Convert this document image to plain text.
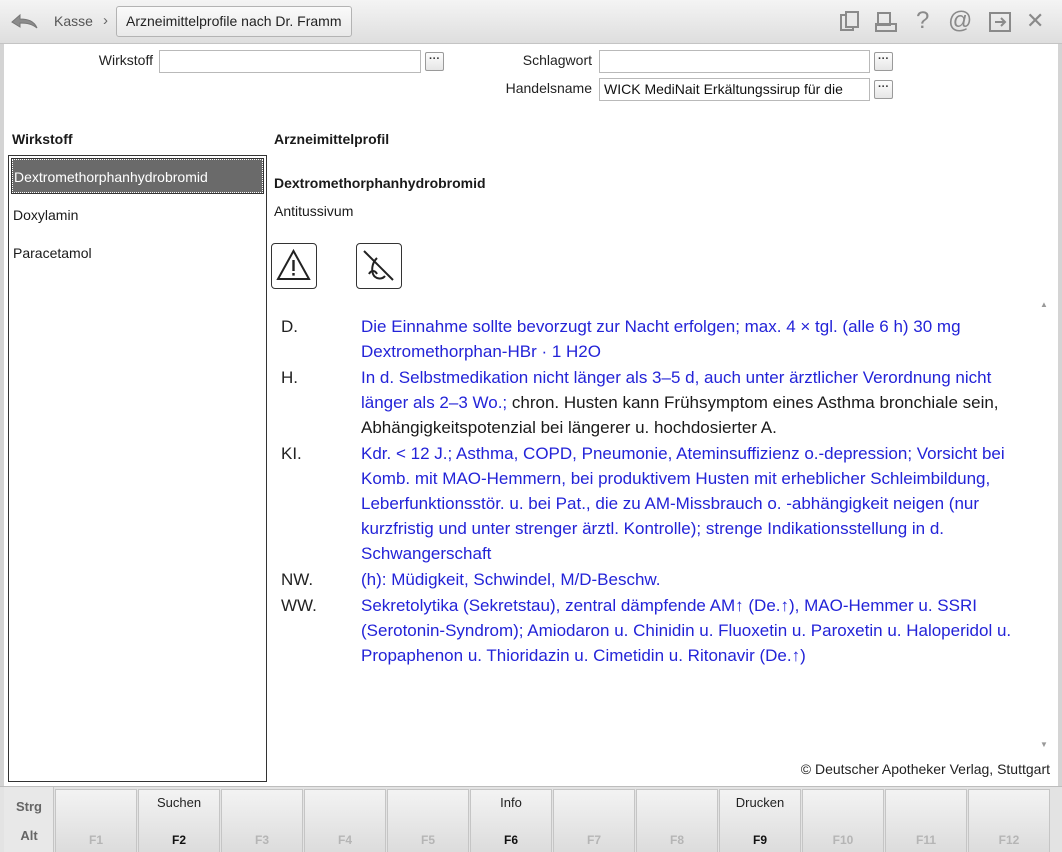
Kasse ›	Arzneimittelprofile nach Dr. Framm	? @ ✕
Wirkstoff	···	Schlagwort	···
Handelsname WICK MediNait Erkältungssirup für die	···
Wirkstoff
Dextromethorphanhydrobromid
Doxylamin
Paracetamol
Arzneimittelprofil
Dextromethorphanhydrobromid
Antitussivum
D.	Die Einnahme sollte bevorzugt zur Nacht erfolgen; max. 4 × tgl. (alle 6 h) 30 mg Dextromethorphan-HBr · 1 H2O
H.	In d. Selbstmedikation nicht länger als 3–5 d, auch unter ärztlicher Verordnung nicht länger als 2–3 Wo.; chron. Husten kann Frühsymptom eines Asthma bronchiale sein, Abhängigkeitspotenzial bei längerer u. hochdosierter A.
KI.	Kdr. < 12 J.; Asthma, COPD, Pneumonie, Ateminsuffizienz o.-depression; Vorsicht bei Komb. mit MAO-Hemmern, bei produktivem Husten mit erheblicher Schleimbildung, Leberfunktionsstör. u. bei Pat., die zu AM-Missbrauch o. -abhängigkeit neigen (nur kurzfristig und unter strenger ärztl. Kontrolle); strenge Indikationsstellung in d. Schwangerschaft
NW.	(h): Müdigkeit, Schwindel, M/D-Beschw.
WW.	Sekretolytika (Sekretstau), zentral dämpfende AM↑ (De.↑), MAO-Hemmer u. SSRI (Serotonin-Syndrom); Amiodaron u. Chinidin u. Fluoxetin u. Paroxetin u. Haloperidol u. Propaphenon u. Thioridazin u. Cimetidin u. Ritonavir (De.↑)
▲
▼
© Deutscher Apotheker Verlag, Stuttgart
Strg
Alt	F1
Suchen
F2	F3	F4	F5
Info
F6	F7	F8
Drucken
F9	F10	F11	F12
